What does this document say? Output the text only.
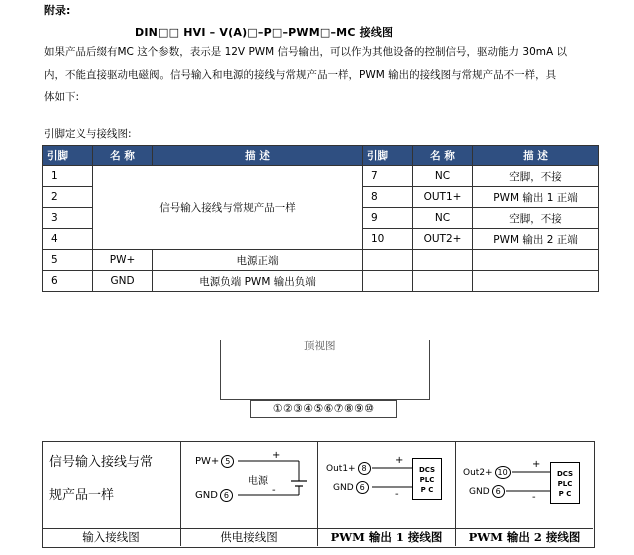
附录:
DIN□□ HVI – V(A)□–P□–PWM□–MC 接线图
如果产品后缀有MC 这个参数，表示是 12V PWM 信号输出，可以作为其他设备的控制信号，驱动能力 30mA 以
内，不能直接驱动电磁阀。信号输入和电源的接线与常规产品一样，PWM 输出的接线图与常规产品不一样，具
体如下:
引脚定义与接线图:
引脚	名 称	描 述	引脚	名 称	描 述
1	信号输入接线与常规产品一样		7	NC	空脚，不接
2			8	OUT1+	PWM 输出 1 正端
3			9	NC	空脚，不接
4			10	OUT2+	PWM 输出 2 正端
5	PW+	电源正端			
6	GND	电源负端 PWM 输出负端			
顶视图
①②③④⑤⑥⑦⑧⑨⑩
信号输入接线与常
规产品一样
PW+ 5
GND 6
+
-
电源
Out1+ 8
GND 6
+
-
DCS
PLC
P C
Out2+ 10
GND 6
+
-
DCS
PLC
P C
输入接线图	供电接线图	PWM 输出 1 接线图	PWM 输出 2 接线图
